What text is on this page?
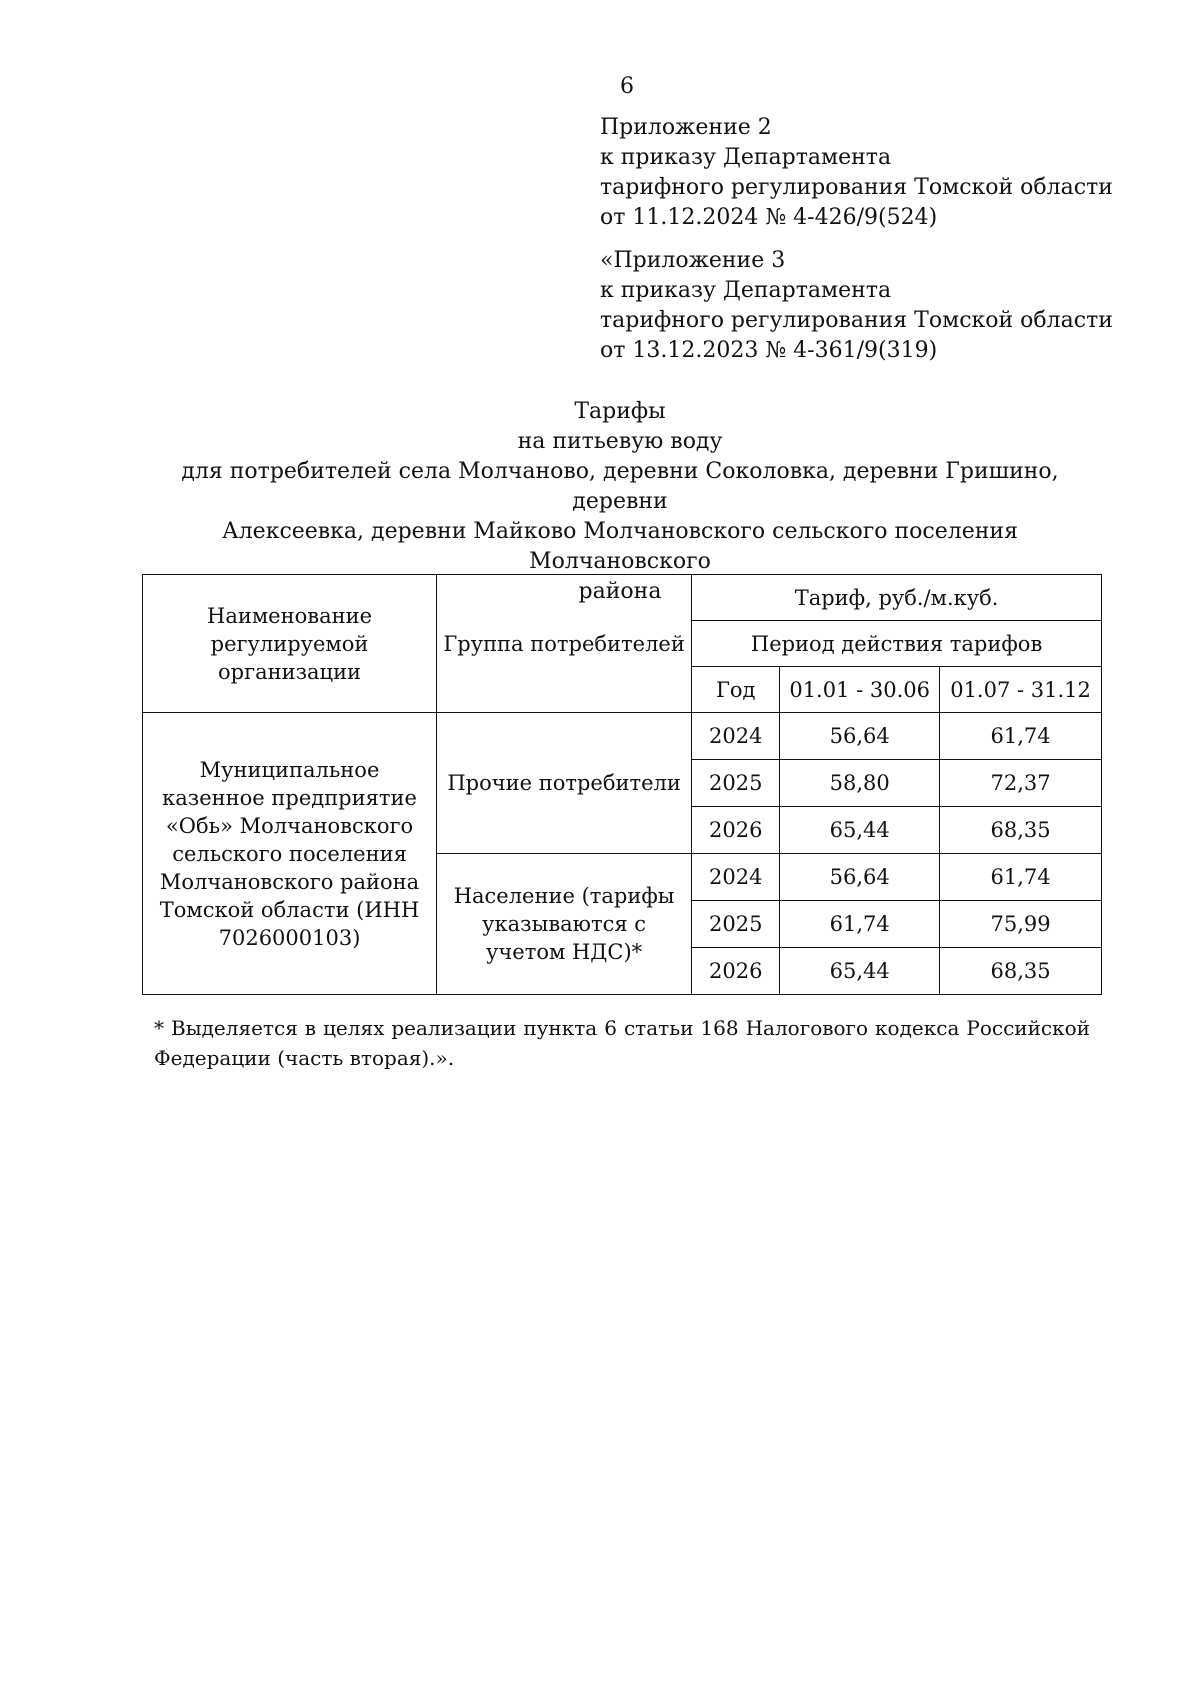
6
Приложение 2
к приказу Департамента
тарифного регулирования Томской области
от 11.12.2024 № 4-426/9(524)
«Приложение 3
к приказу Департамента
тарифного регулирования Томской области
от 13.12.2023 № 4-361/9(319)
Тарифы
на питьевую воду
для потребителей села Молчаново, деревни Соколовка, деревни Гришино, деревни
Алексеевка, деревни Майково Молчановского сельского поселения Молчановского
района
Наименование регулируемой организации	Группа потребителей	Тариф, руб./м.куб.		
		Период действия тарифов		
		Год	01.01 - 30.06	01.07 - 31.12
Муниципальное казенное предприятие «Обь» Молчановского сельского поселения Молчановского района Томской области (ИНН 7026000103)	Прочие потребители	2024	56,64	61,74
		2025	58,80	72,37
		2026	65,44	68,35
	Население (тарифы указываются с учетом НДС)*	2024	56,64	61,74
		2025	61,74	75,99
		2026	65,44	68,35
* Выделяется в целях реализации пункта 6 статьи 168 Налогового кодекса Российской Федерации (часть вторая).».
